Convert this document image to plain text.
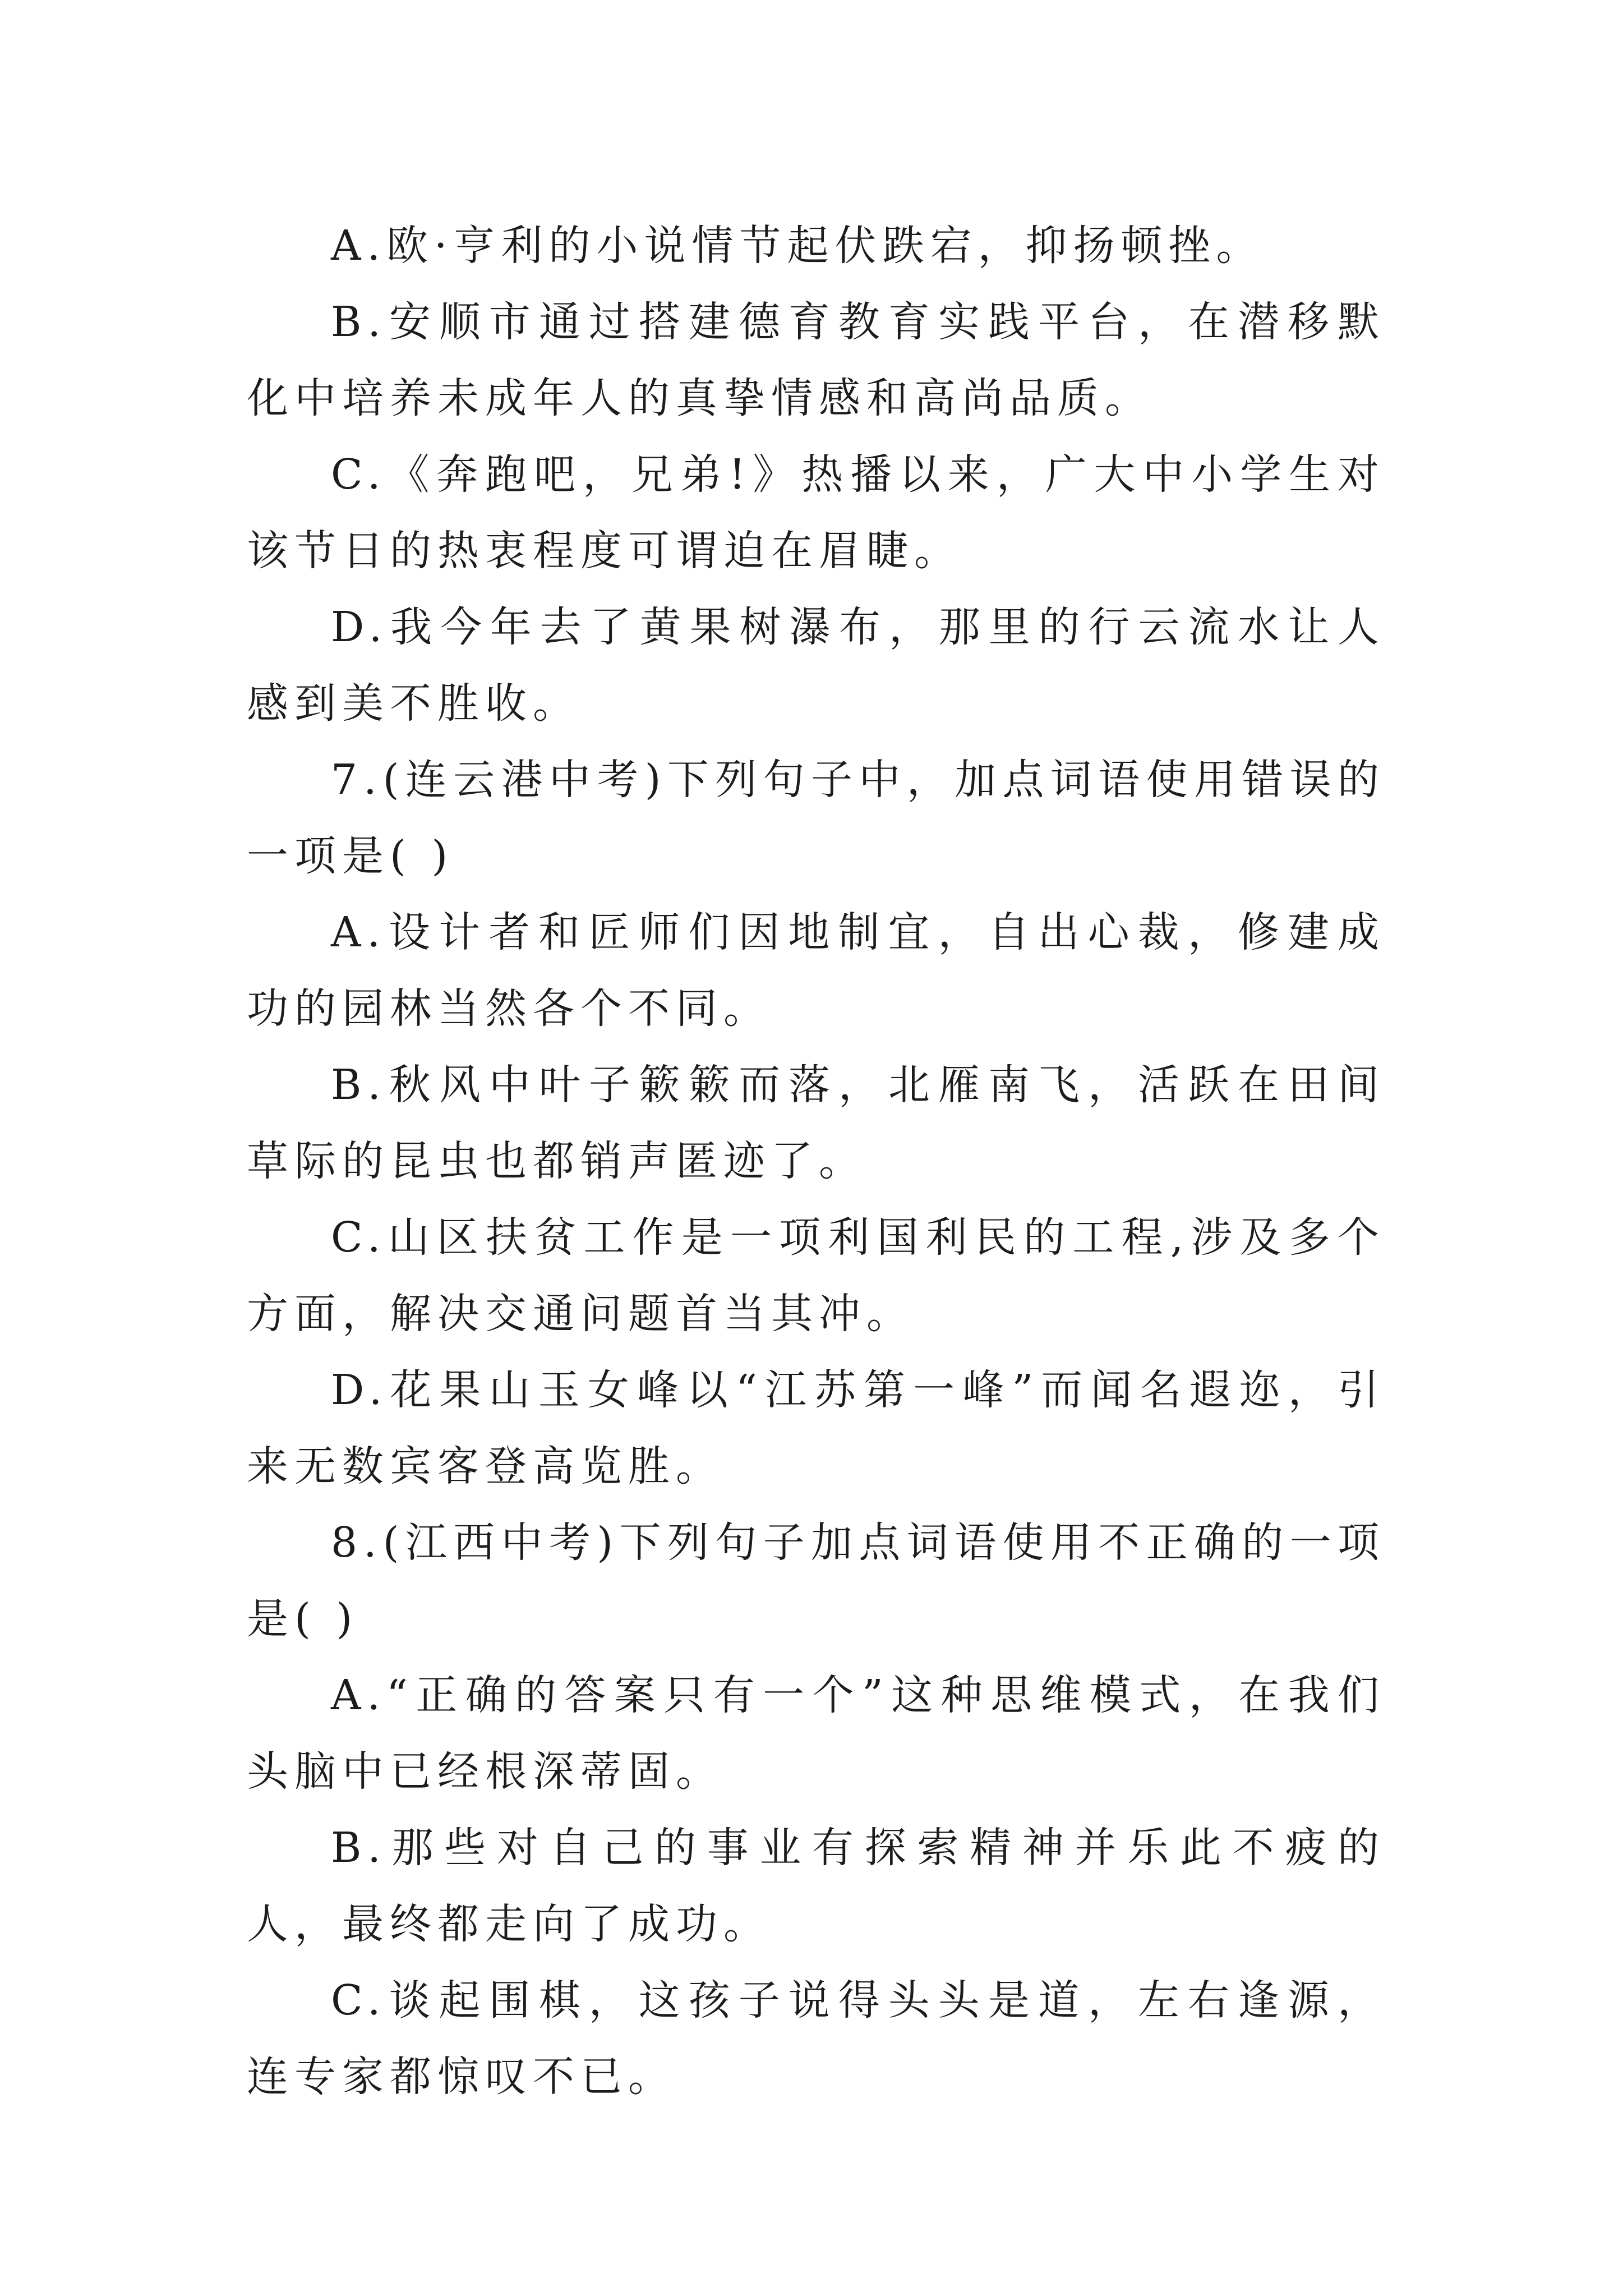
A.欧·亨利的小说情节起伏跌宕，抑扬顿挫。

B.安顺市通过搭建德育教育实践平台，在潜移默化中培养未成年人的真挚情感和高尚品质。

C.《奔跑吧，兄弟!》热播以来，广大中小学生对该节日的热衷程度可谓迫在眉睫。

D.我今年去了黄果树瀑布，那里的行云流水让人感到美不胜收。

7.(连云港中考)下列句子中，加点词语使用错误的一项是( )

A.设计者和匠师们因地制宜，自出心裁，修建成功的园林当然各个不同。

B.秋风中叶子簌簌而落，北雁南飞，活跃在田间草际的昆虫也都销声匿迹了。

C.山区扶贫工作是一项利国利民的工程,涉及多个方面，解决交通问题首当其冲。

D.花果山玉女峰以“江苏第一峰”而闻名遐迩，引来无数宾客登高览胜。

8.(江西中考)下列句子加点词语使用不正确的一项是( )

A.“正确的答案只有一个”这种思维模式，在我们头脑中已经根深蒂固。

B.那些对自己的事业有探索精神并乐此不疲的人，最终都走向了成功。

C.谈起围棋，这孩子说得头头是道，左右逢源，连专家都惊叹不已。
